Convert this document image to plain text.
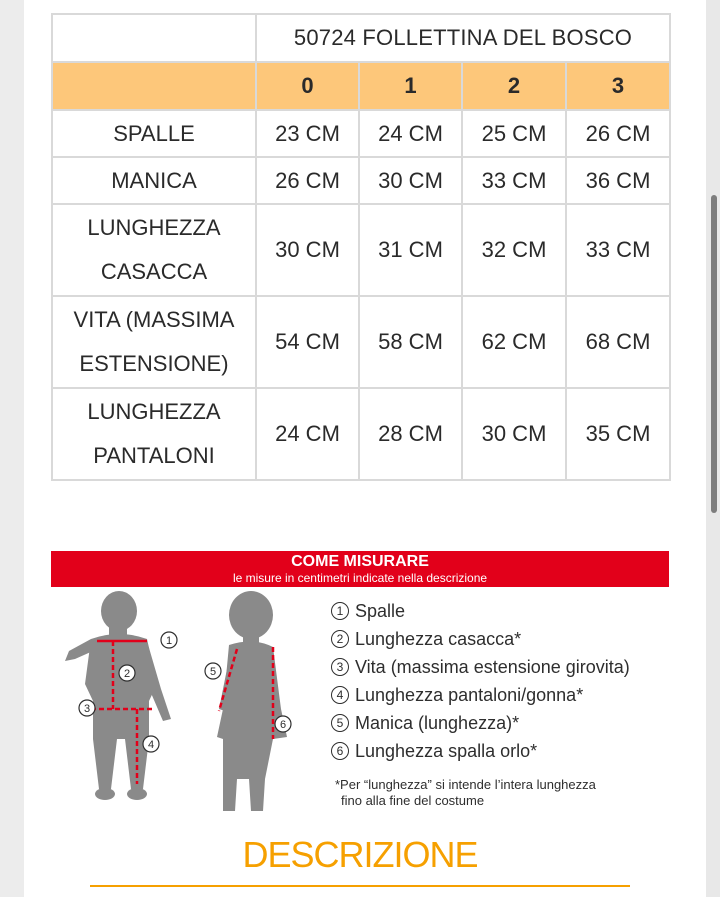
	50724 FOLLETTINA DEL BOSCO			
	0	1	2	3
SPALLE	23 CM	24 CM	25 CM	26 CM
MANICA	26 CM	30 CM	33 CM	36 CM
LUNGHEZZA CASACCA	30 CM	31 CM	32 CM	33 CM
VITA (MASSIMA ESTENSIONE)	54 CM	58 CM	62 CM	68 CM
LUNGHEZZA PANTALONI	24 CM	28 CM	30 CM	35 CM
COME MISURARE
le misure in centimetri indicate nella descrizione
1
2
3
4
5
6
1 Spalle
2 Lunghezza casacca*
3 Vita (massima estensione girovita)
4 Lunghezza pantaloni/gonna*
5 Manica (lunghezza)*
6 Lunghezza spalla orlo*
*Per “lunghezza” si intende l’intera lunghezza
fino alla fine del costume
DESCRIZIONE
